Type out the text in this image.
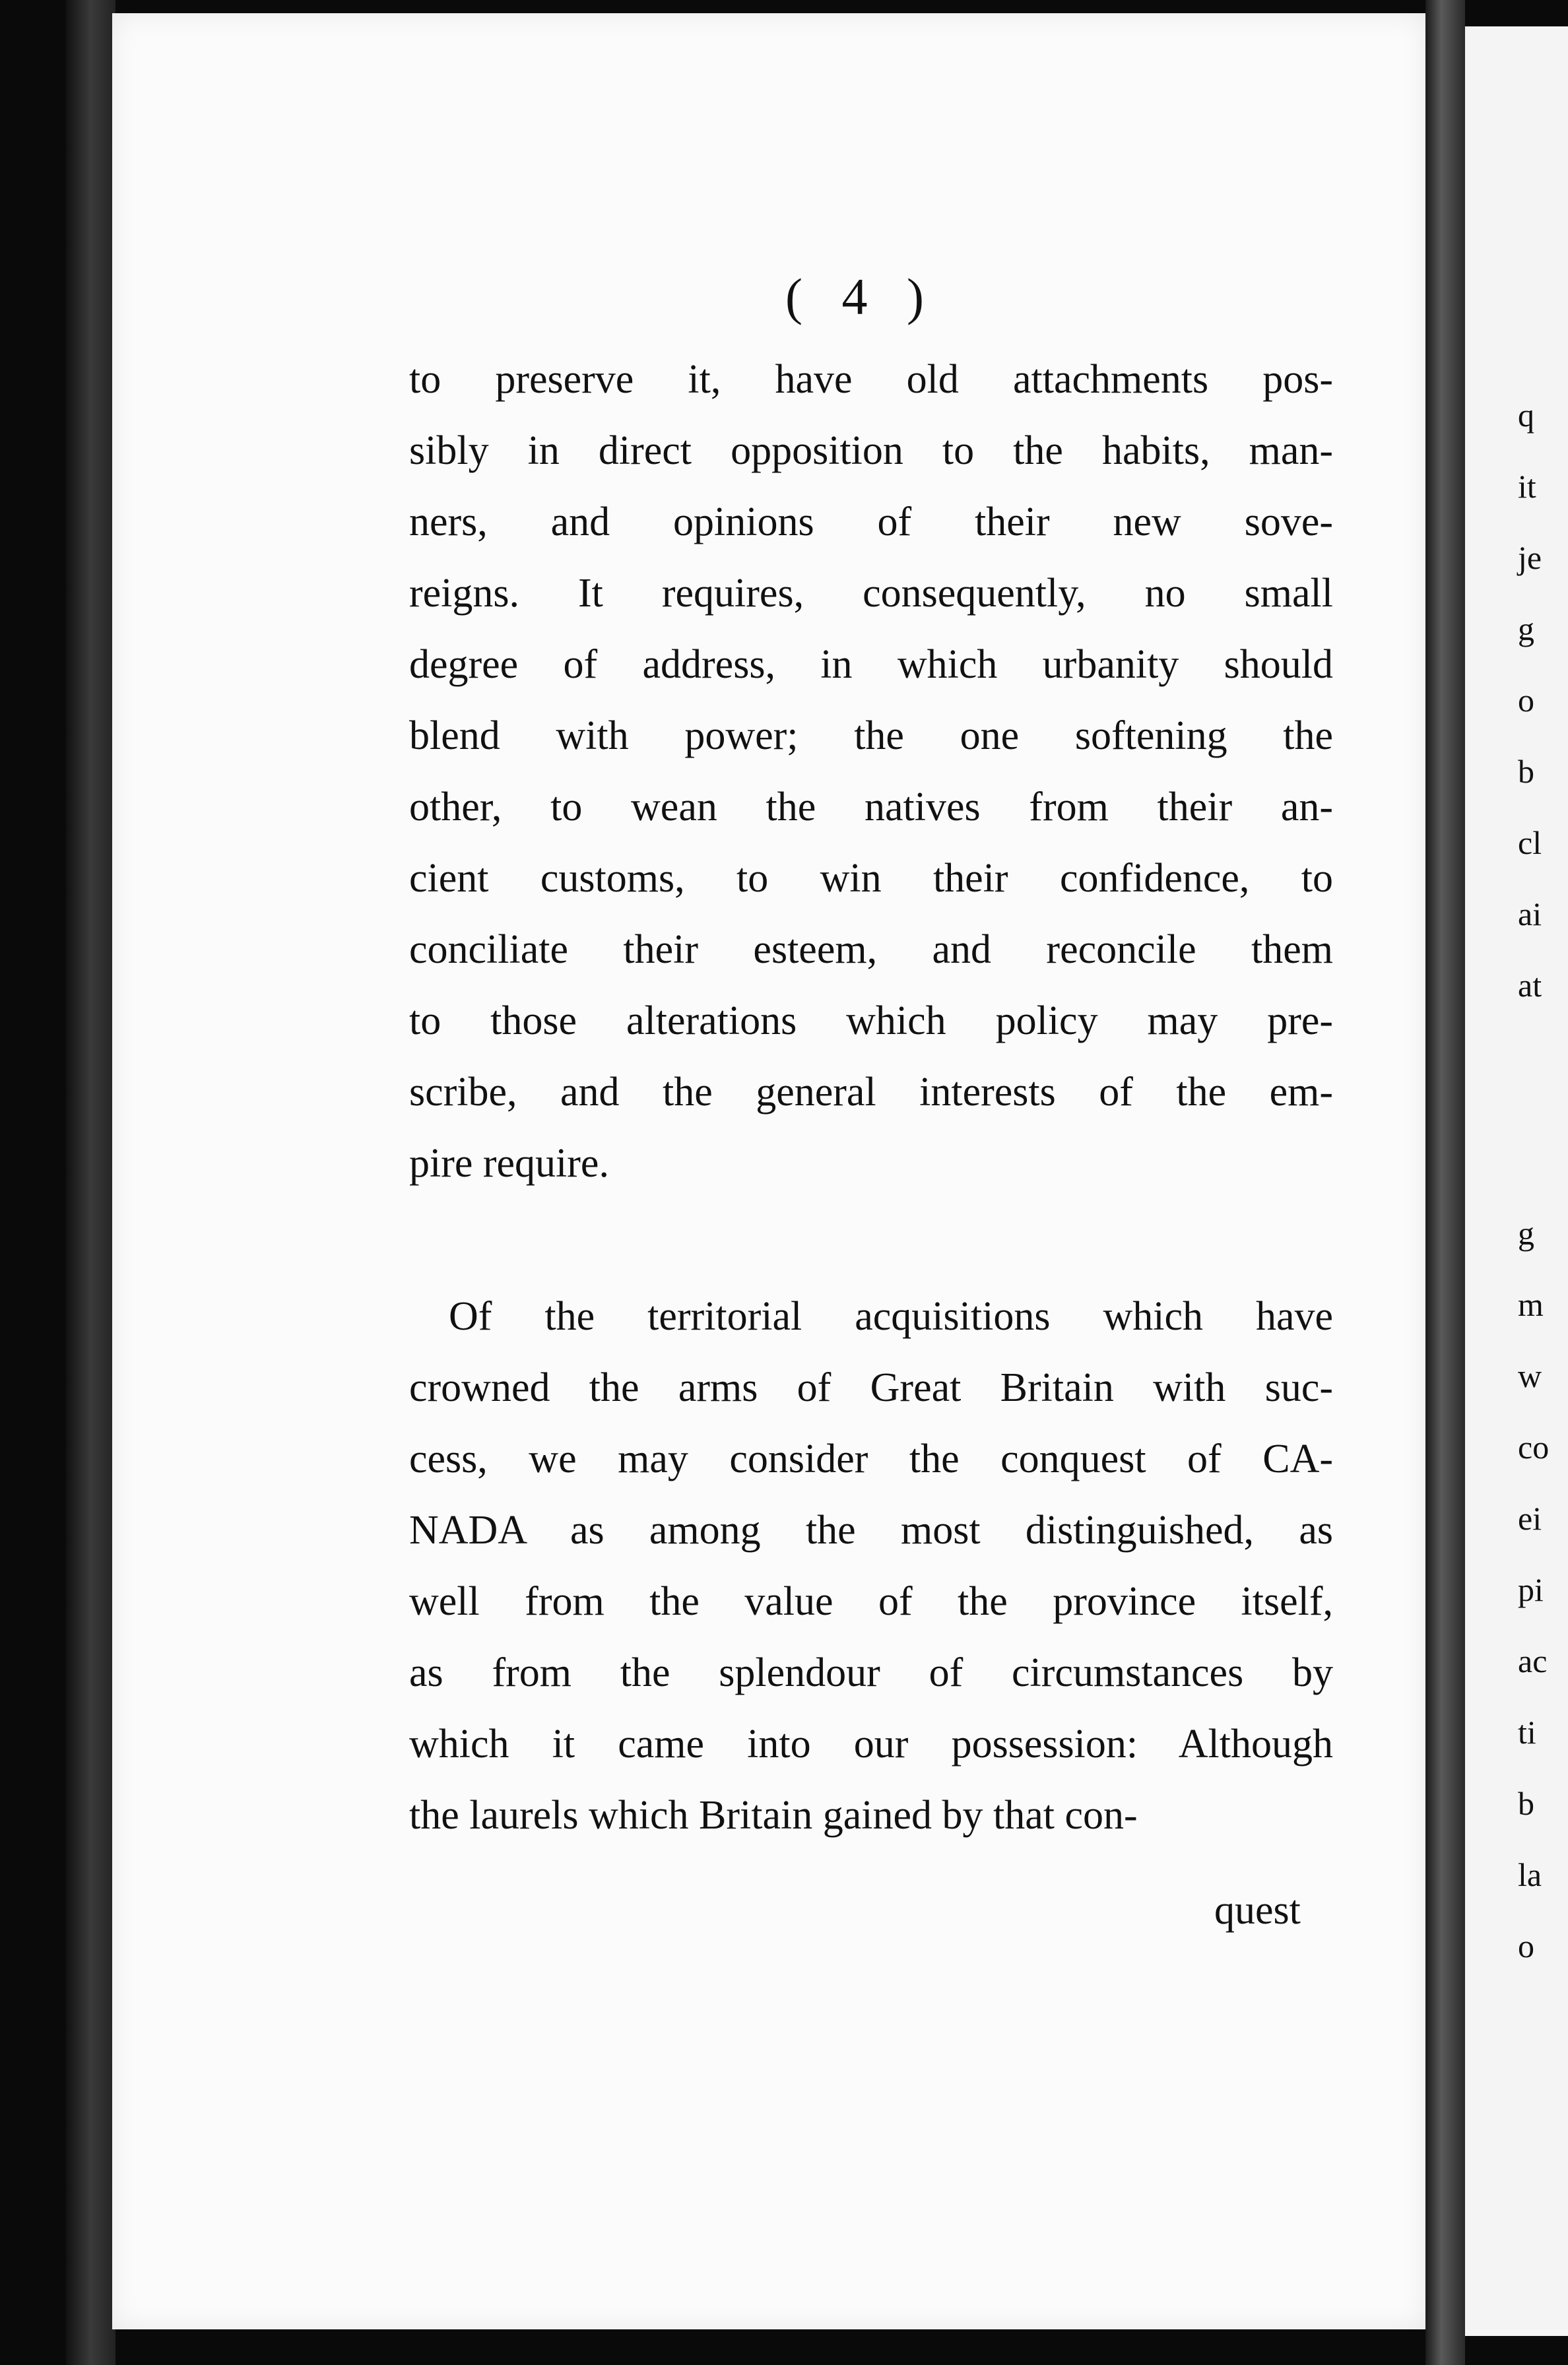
q
it
je
g
o
b
cl
ai
at
g
m
w
co
ei
pi
ac
ti
b
la
o
( 4 )
to preserve it, have old attachments pos-
sibly in direct opposition to the habits, man-
ners, and opinions of their new sove-
reigns. It requires, consequently, no small
degree of address, in which urbanity should
blend with power; the one softening the
other, to wean the natives from their an-
cient customs, to win their confidence, to
conciliate their esteem, and reconcile them
to those alterations which policy may pre-
scribe, and the general interests of the em-
pire require.
Of the territorial acquisitions which have
crowned the arms of Great Britain with suc-
cess, we may consider the conquest of CA-
NADA as among the most distinguished, as
well from the value of the province itself,
as from the splendour of circumstances by
which it came into our possession: Although
the laurels which Britain gained by that con-
quest
